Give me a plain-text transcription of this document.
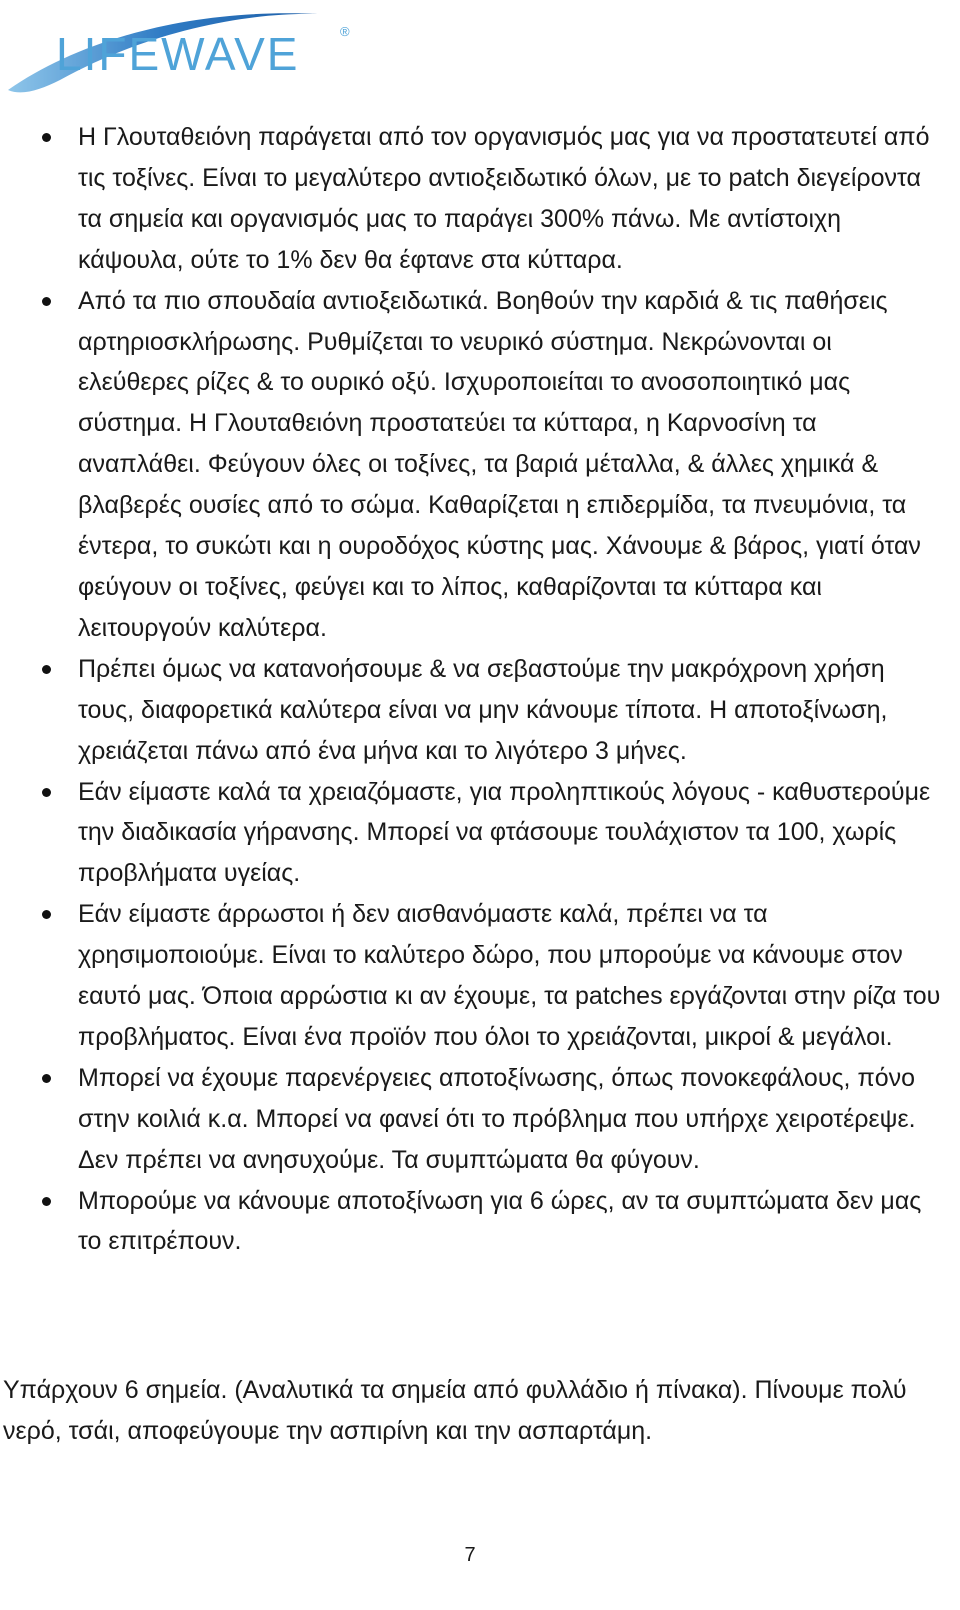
LIFEWAVE	®
Η Γλουταθειόνη παράγεται από τον οργανισμός μας για να προστατευτεί από τις τοξίνες. Είναι το μεγαλύτερο αντιοξειδωτικό όλων, με το patch διεγείροντα τα σημεία και οργανισμός μας το παράγει 300% πάνω. Με αντίστοιχη κάψουλα, ούτε το 1% δεν θα έφτανε στα κύτταρα.
Από τα πιο σπουδαία αντιοξειδωτικά. Βοηθούν την καρδιά & τις παθήσεις αρτηριοσκλήρωσης. Ρυθμίζεται το νευρικό σύστημα. Νεκρώνονται οι ελεύθερες ρίζες & το ουρικό οξύ. Ισχυροποιείται το ανοσοποιητικό μας σύστημα. Η Γλουταθειόνη προστατεύει τα κύτταρα, η Καρνοσίνη τα αναπλάθει. Φεύγουν όλες οι τοξίνες, τα βαριά μέταλλα, & άλλες χημικά & βλαβερές ουσίες από το σώμα. Καθαρίζεται η επιδερμίδα, τα πνευμόνια, τα έντερα, το συκώτι και η ουροδόχος κύστης μας. Χάνουμε & βάρος, γιατί όταν φεύγουν οι τοξίνες, φεύγει και το λίπος, καθαρίζονται τα κύτταρα και λειτουργούν καλύτερα.
Πρέπει όμως να κατανοήσουμε & να σεβαστούμε την μακρόχρονη χρήση τους, διαφορετικά καλύτερα είναι να μην κάνουμε τίποτα. Η αποτοξίνωση, χρειάζεται πάνω από ένα μήνα και το λιγότερο 3 μήνες.
Εάν είμαστε καλά τα χρειαζόμαστε, για προληπτικούς λόγους - καθυστερούμε την διαδικασία γήρανσης. Μπορεί να φτάσουμε τουλάχιστον τα 100, χωρίς προβλήματα υγείας.
Εάν είμαστε άρρωστοι ή δεν αισθανόμαστε καλά, πρέπει να τα χρησιμοποιούμε. Είναι το καλύτερο δώρο, που μπορούμε να κάνουμε στον εαυτό μας. Όποια αρρώστια κι αν έχουμε, τα patches εργάζονται στην ρίζα του προβλήματος. Είναι ένα προϊόν που όλοι το χρειάζονται, μικροί & μεγάλοι.
Μπορεί να έχουμε παρενέργειες αποτοξίνωσης, όπως πονοκεφάλους, πόνο στην κοιλιά κ.α. Μπορεί να φανεί ότι το πρόβλημα που υπήρχε χειροτέρεψε. Δεν πρέπει να ανησυχούμε. Τα συμπτώματα θα φύγουν.
Μπορούμε να κάνουμε αποτοξίνωση για 6 ώρες, αν τα συμπτώματα δεν μας το επιτρέπουν.

Υπάρχουν 6 σημεία. (Αναλυτικά τα σημεία από φυλλάδιο ή πίνακα). Πίνουμε πολύ νερό, τσάι, αποφεύγουμε την ασπιρίνη και την ασπαρτάμη.

7
